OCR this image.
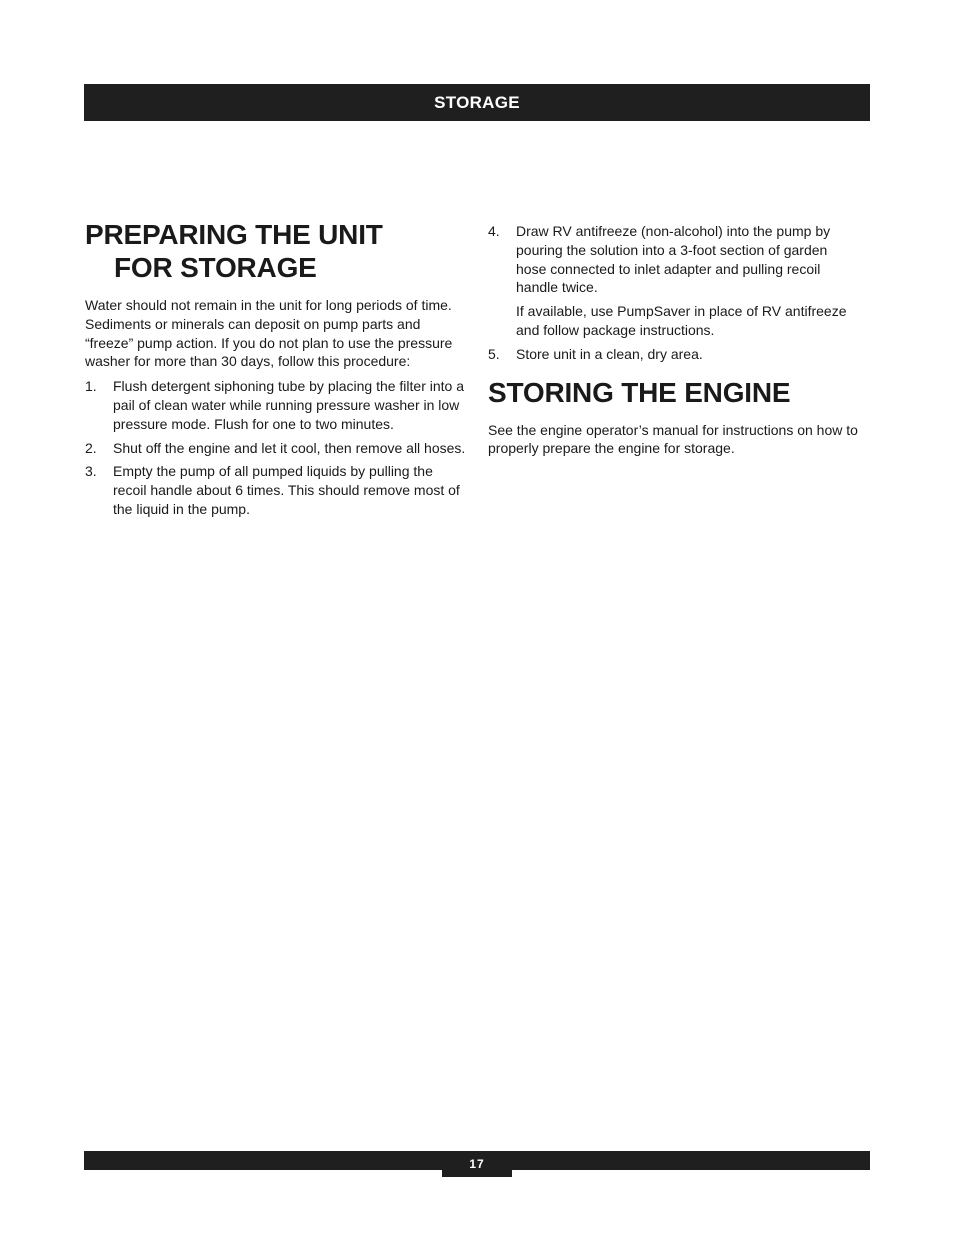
STORAGE
PREPARING THE UNIT
FOR STORAGE

Water should not remain in the unit for long periods of time. Sediments or minerals can deposit on pump parts and “freeze” pump action. If you do not plan to use the pressure washer for more than 30 days, follow this procedure:

1.	Flush detergent siphoning tube by placing the filter into a pail of clean water while running pressure washer in low pressure mode. Flush for one to two minutes.

2.	Shut off the engine and let it cool, then remove all hoses.

3.	Empty the pump of all pumped liquids by pulling the recoil handle about 6 times. This should remove most of the liquid in the pump.

4.	Draw RV antifreeze (non-alcohol) into the pump by pouring the solution into a 3-foot section of garden hose connected to inlet adapter and pulling recoil handle twice.

If available, use PumpSaver in place of RV antifreeze and follow package instructions.

5.	Store unit in a clean, dry area.

STORING THE ENGINE

See the engine operator’s manual for instructions on how to properly prepare the engine for storage.

17
